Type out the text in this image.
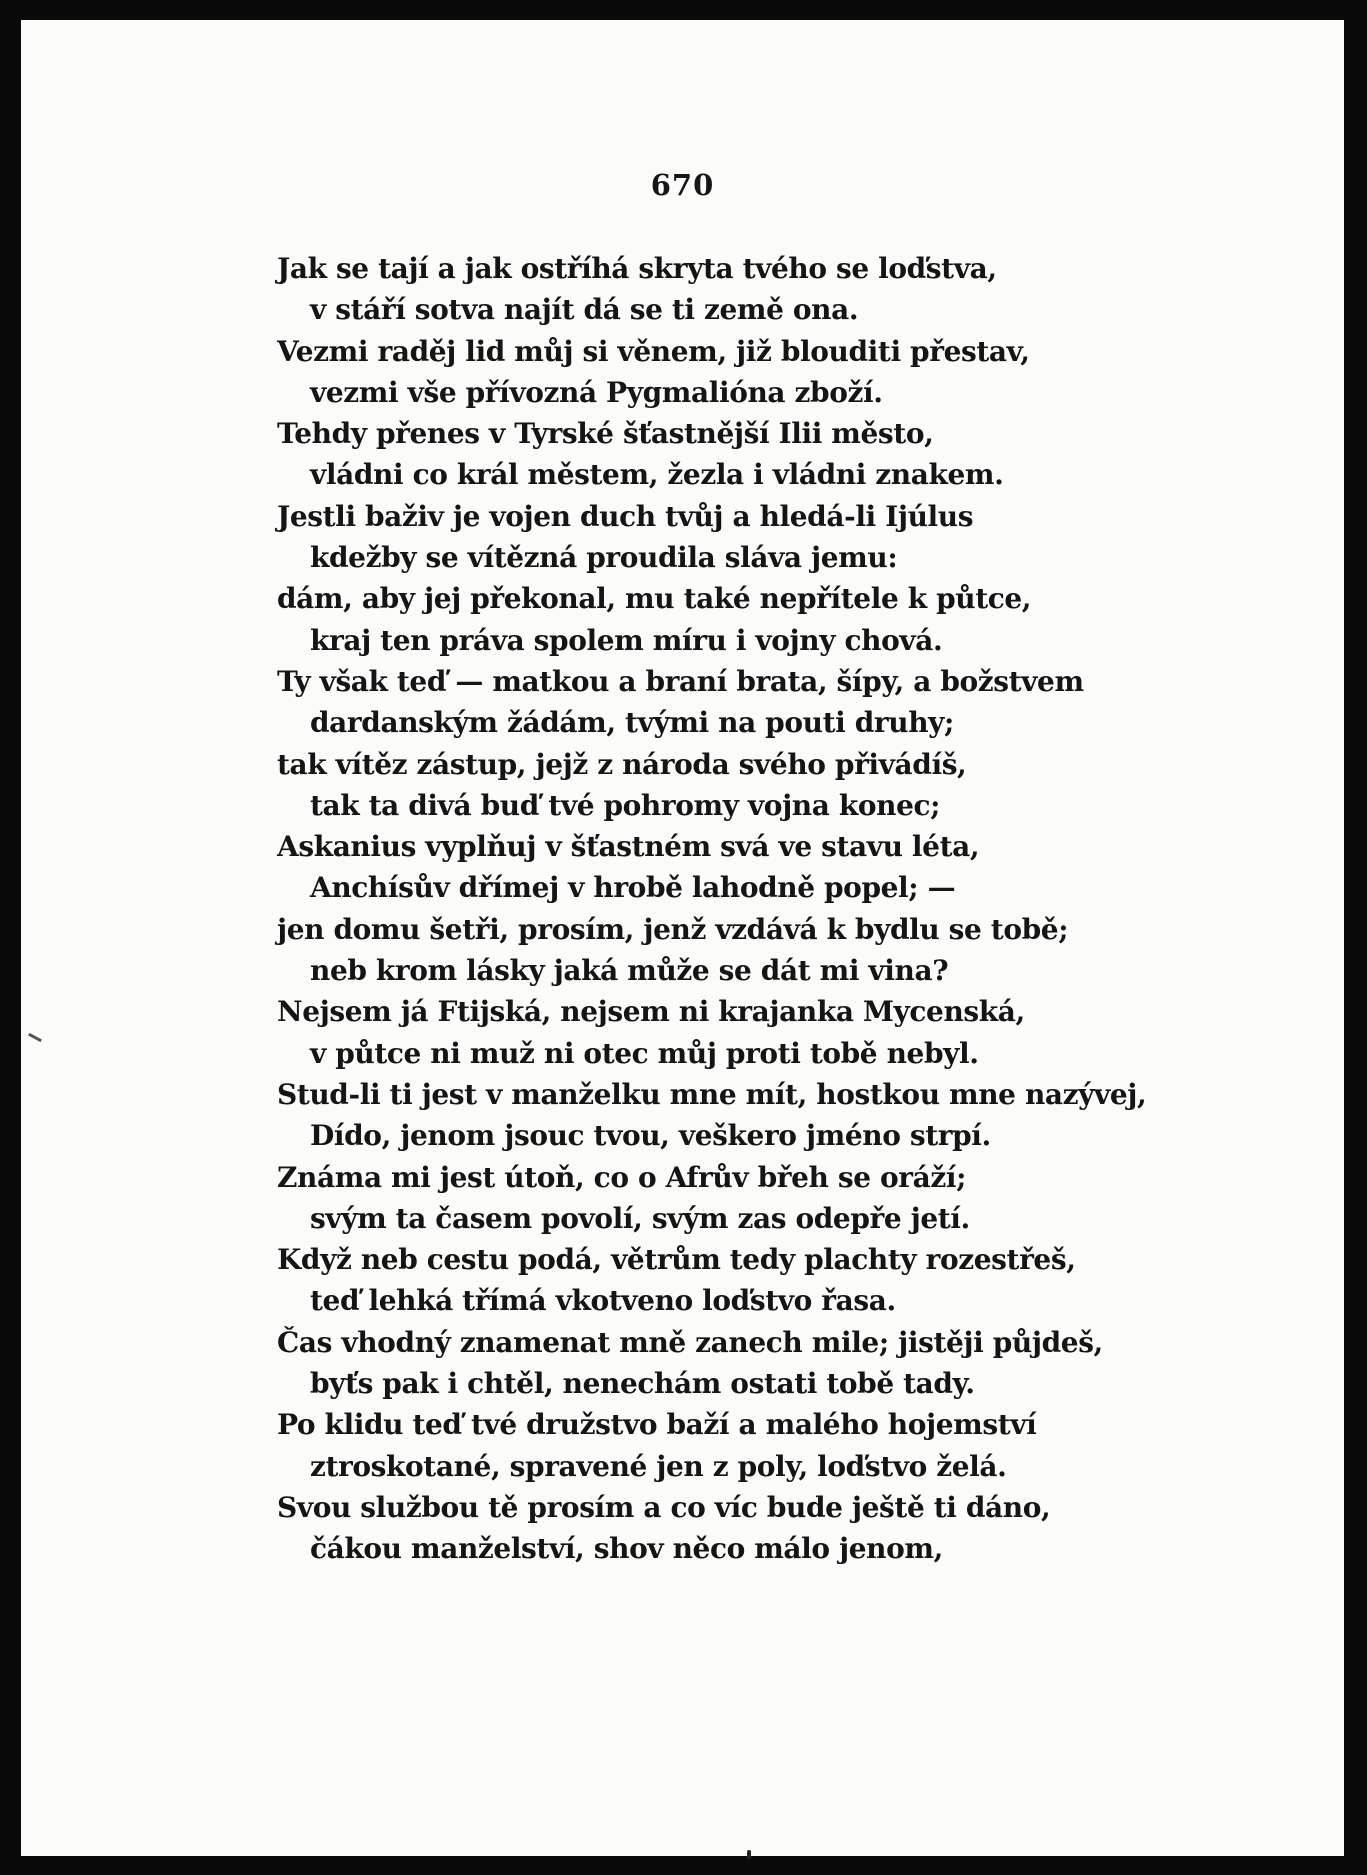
670
Jak se tají a jak ostříhá skryta tvého se loďstva,
v stáří sotva najít dá se ti země ona.
Vezmi raděj lid můj si věnem, již blouditi přestav,
vezmi vše přívozná Pygmalióna zboží.
Tehdy přenes v Tyrské šťastnější Ilii město,
vládni co král městem, žezla i vládni znakem.
Jestli baživ je vojen duch tvůj a hledá-li Ijúlus
kdežby se vítězná proudila sláva jemu:
dám, aby jej překonal, mu také nepřítele k půtce,
kraj ten práva spolem míru i vojny chová.
Ty však teď — matkou a braní brata, šípy, a božstvem
dardanským žádám, tvými na pouti druhy;
tak vítěz zástup, jejž z národa svého přivádíš,
tak ta divá buď tvé pohromy vojna konec;
Askanius vyplňuj v šťastném svá ve stavu léta,
Anchísův dřímej v hrobě lahodně popel; —
jen domu šetři, prosím, jenž vzdává k bydlu se tobě;
neb krom lásky jaká může se dát mi vina?
Nejsem já Ftijská, nejsem ni krajanka Mycenská,
v půtce ni muž ni otec můj proti tobě nebyl.
Stud-li ti jest v manželku mne mít, hostkou mne nazývej,
Dído, jenom jsouc tvou, veškero jméno strpí.
Známa mi jest útoň, co o Afrův břeh se oráží;
svým ta časem povolí, svým zas odepře jetí.
Když neb cestu podá, větrům tedy plachty rozestřeš,
teď lehká třímá vkotveno loďstvo řasa.
Čas vhodný znamenat mně zanech mile; jistěji půjdeš,
byťs pak i chtěl, nenechám ostati tobě tady.
Po klidu teď tvé družstvo baží a malého hojemství
ztroskotané, spravené jen z poly, loďstvo želá.
Svou službou tě prosím a co víc bude ještě ti dáno,
čákou manželství, shov něco málo jenom,
